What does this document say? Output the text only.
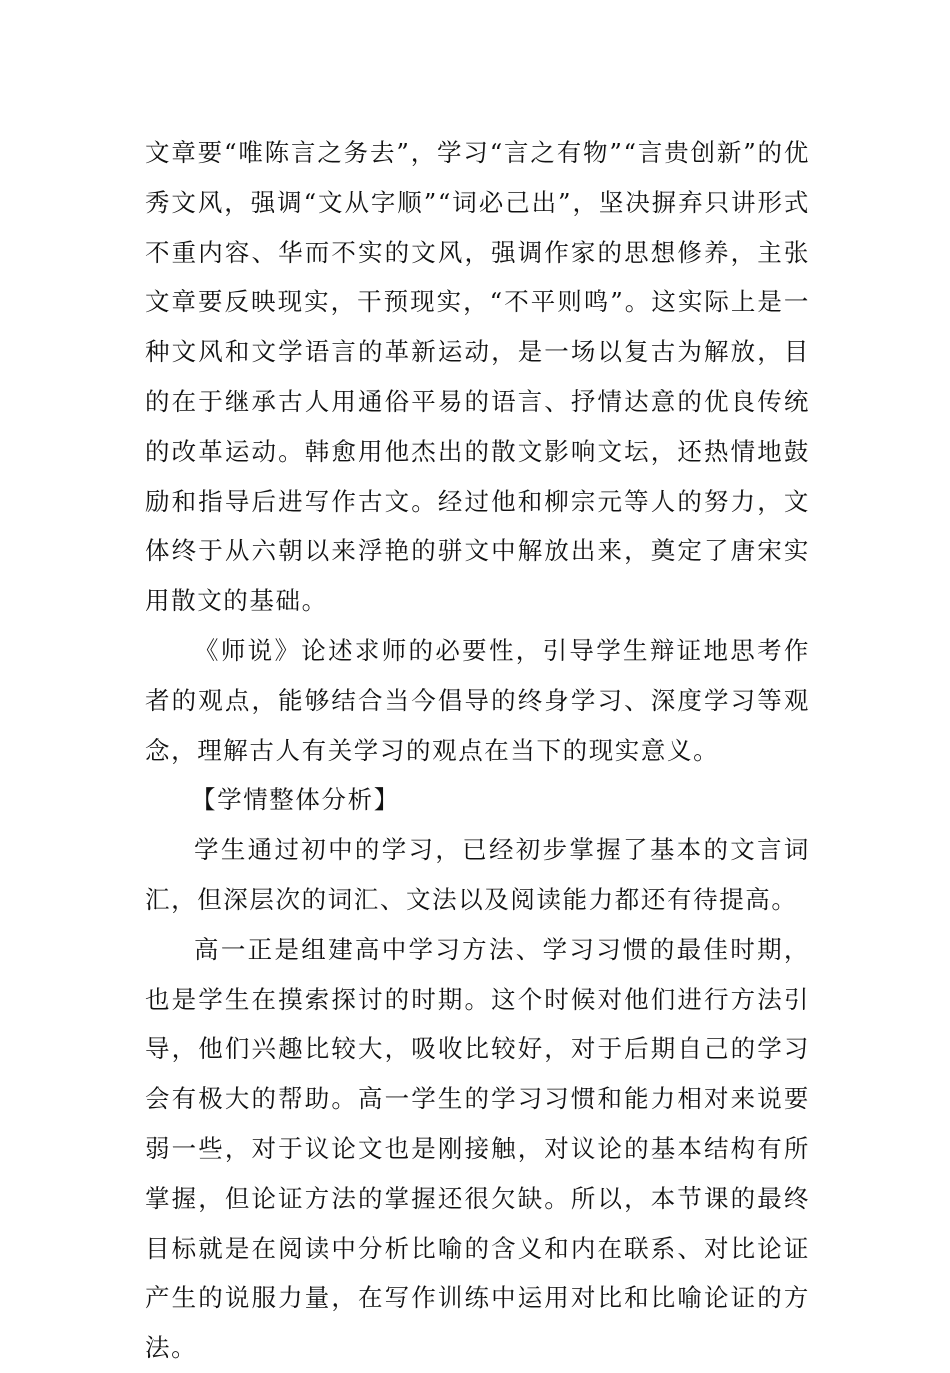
文章要“唯陈言之务去”，学习“言之有物”“言贵创新”的优秀文风，强调“文从字顺”“词必己出”，坚决摒弃只讲形式不重内容、华而不实的文风，强调作家的思想修养，主张文章要反映现实，干预现实，“不平则鸣”。这实际上是一种文风和文学语言的革新运动，是一场以复古为解放，目的在于继承古人用通俗平易的语言、抒情达意的优良传统的改革运动。韩愈用他杰出的散文影响文坛，还热情地鼓励和指导后进写作古文。经过他和柳宗元等人的努力，文体终于从六朝以来浮艳的骈文中解放出来，奠定了唐宋实用散文的基础。

《师说》论述求师的必要性，引导学生辩证地思考作者的观点，能够结合当今倡导的终身学习、深度学习等观念，理解古人有关学习的观点在当下的现实意义。

【学情整体分析】

学生通过初中的学习，已经初步掌握了基本的文言词汇，但深层次的词汇、文法以及阅读能力都还有待提高。

高一正是组建高中学习方法、学习习惯的最佳时期，也是学生在摸索探讨的时期。这个时候对他们进行方法引导，他们兴趣比较大，吸收比较好，对于后期自己的学习会有极大的帮助。高一学生的学习习惯和能力相对来说要弱一些，对于议论文也是刚接触，对议论的基本结构有所掌握，但论证方法的掌握还很欠缺。所以，本节课的最终目标就是在阅读中分析比喻的含义和内在联系、对比论证产生的说服力量，在写作训练中运用对比和比喻论证的方法。
